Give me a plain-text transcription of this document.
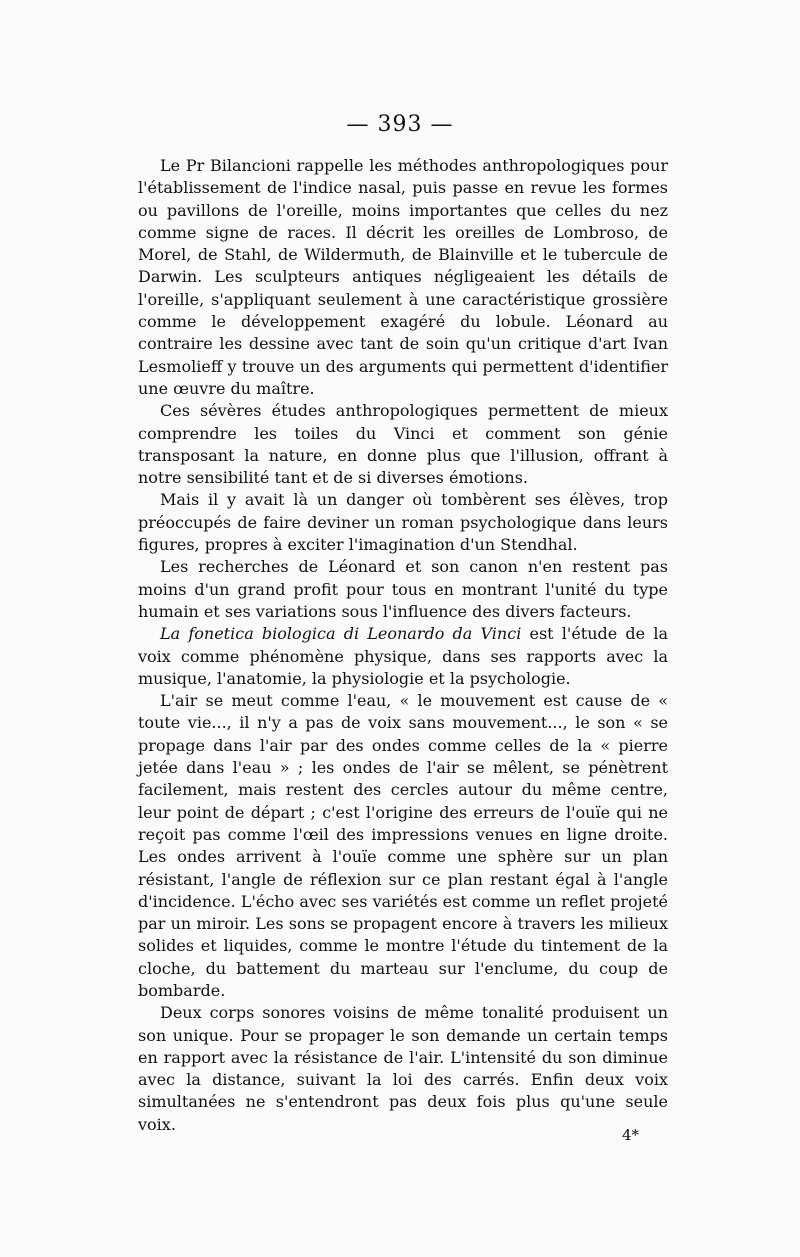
— 393 —

Le Pr Bilancioni rappelle les méthodes anthropologiques pour l'établissement de l'indice nasal, puis passe en revue les formes ou pavillons de l'oreille, moins importantes que celles du nez comme signe de races. Il décrit les oreilles de Lombroso, de Morel, de Stahl, de Wildermuth, de Blainville et le tubercule de Darwin. Les sculpteurs antiques négligeaient les détails de l'oreille, s'appliquant seulement à une caractéristique grossière comme le développement exagéré du lobule. Léonard au contraire les dessine avec tant de soin qu'un critique d'art Ivan Lesmolieff y trouve un des arguments qui permettent d'identifier une œuvre du maître.

Ces sévères études anthropologiques permettent de mieux comprendre les toiles du Vinci et comment son génie transposant la nature, en donne plus que l'illusion, offrant à notre sensibilité tant et de si diverses émotions.

Mais il y avait là un danger où tombèrent ses élèves, trop préoccupés de faire deviner un roman psychologique dans leurs figures, propres à exciter l'imagination d'un Stendhal.

Les recherches de Léonard et son canon n'en restent pas moins d'un grand profit pour tous en montrant l'unité du type humain et ses variations sous l'influence des divers facteurs.

La fonetica biologica di Leonardo da Vinci est l'étude de la voix comme phénomène physique, dans ses rapports avec la musique, l'anatomie, la physiologie et la psychologie.

L'air se meut comme l'eau, « le mouvement est cause de « toute vie..., il n'y a pas de voix sans mouvement..., le son « se propage dans l'air par des ondes comme celles de la « pierre jetée dans l'eau » ; les ondes de l'air se mêlent, se pénètrent facilement, mais restent des cercles autour du même centre, leur point de départ ; c'est l'origine des erreurs de l'ouïe qui ne reçoit pas comme l'œil des impressions venues en ligne droite. Les ondes arrivent à l'ouïe comme une sphère sur un plan résistant, l'angle de réflexion sur ce plan restant égal à l'angle d'incidence. L'écho avec ses variétés est comme un reflet projeté par un miroir. Les sons se propagent encore à travers les milieux solides et liquides, comme le montre l'étude du tintement de la cloche, du battement du marteau sur l'enclume, du coup de bombarde.

Deux corps sonores voisins de même tonalité produisent un son unique. Pour se propager le son demande un certain temps en rapport avec la résistance de l'air. L'intensité du son diminue avec la distance, suivant la loi des carrés. Enfin deux voix simultanées ne s'entendront pas deux fois plus qu'une seule voix.

4*
